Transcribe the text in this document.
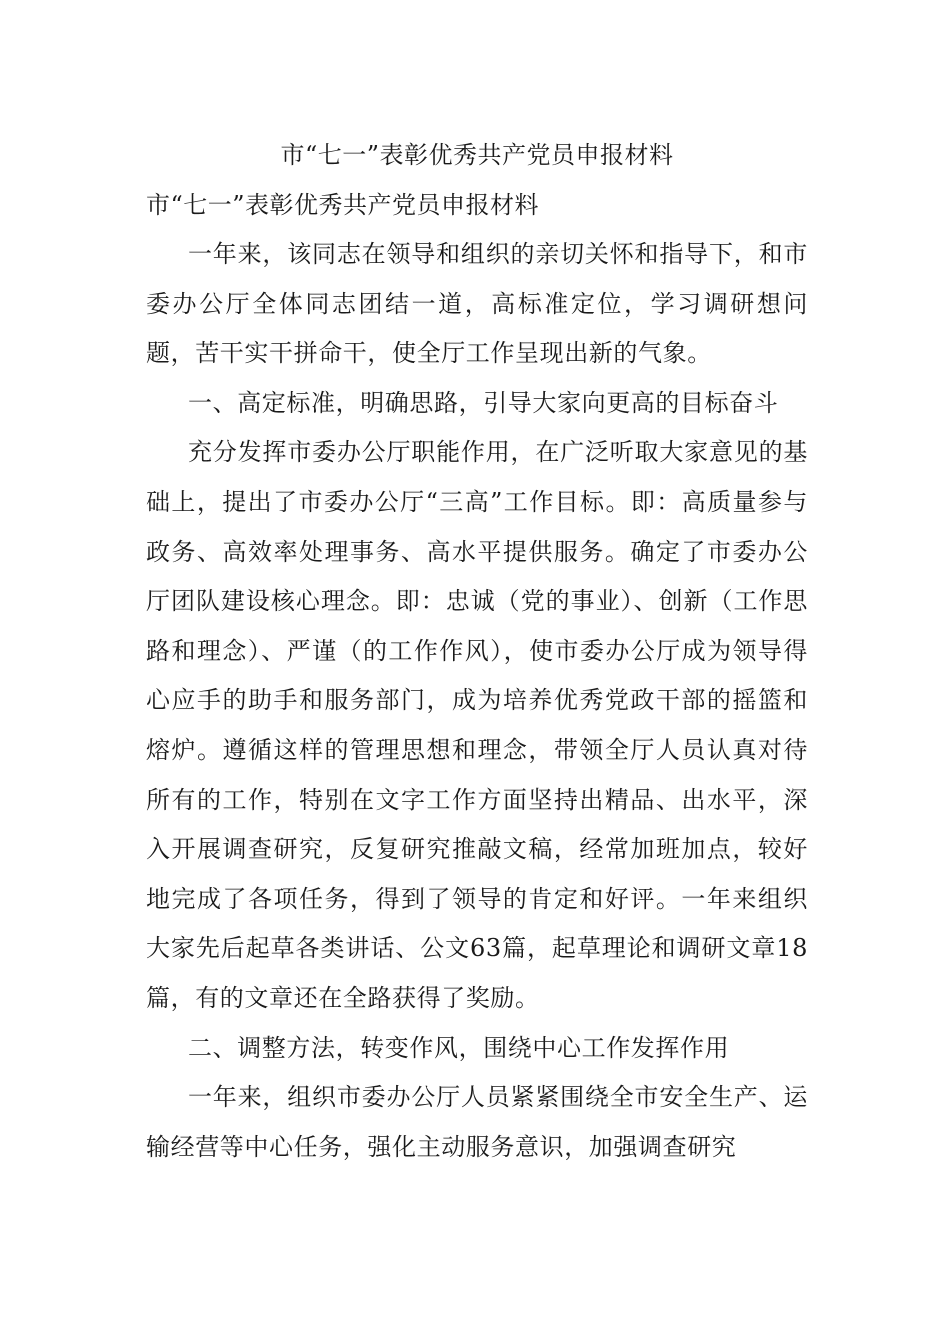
市“七一”表彰优秀共产党员申报材料

市“七一”表彰优秀共产党员申报材料

一年来，该同志在领导和组织的亲切关怀和指导下，和市委办公厅全体同志团结一道，高标准定位，学习调研想问题，苦干实干拼命干，使全厅工作呈现出新的气象。

一、高定标准，明确思路，引导大家向更高的目标奋斗

充分发挥市委办公厅职能作用，在广泛听取大家意见的基础上，提出了市委办公厅“三高”工作目标。即：高质量参与政务、高效率处理事务、高水平提供服务。确定了市委办公厅团队建设核心理念。即：忠诚（党的事业）、创新（工作思路和理念）、严谨（的工作作风），使市委办公厅成为领导得心应手的助手和服务部门，成为培养优秀党政干部的摇篮和熔炉。遵循这样的管理思想和理念，带领全厅人员认真对待所有的工作，特别在文字工作方面坚持出精品、出水平，深入开展调查研究，反复研究推敲文稿，经常加班加点，较好地完成了各项任务，得到了领导的肯定和好评。一年来组织大家先后起草各类讲话、公文63篇，起草理论和调研文章18篇，有的文章还在全路获得了奖励。

二、调整方法，转变作风，围绕中心工作发挥作用

一年来，组织市委办公厅人员紧紧围绕全市安全生产、运输经营等中心任务，强化主动服务意识，加强调查研究
